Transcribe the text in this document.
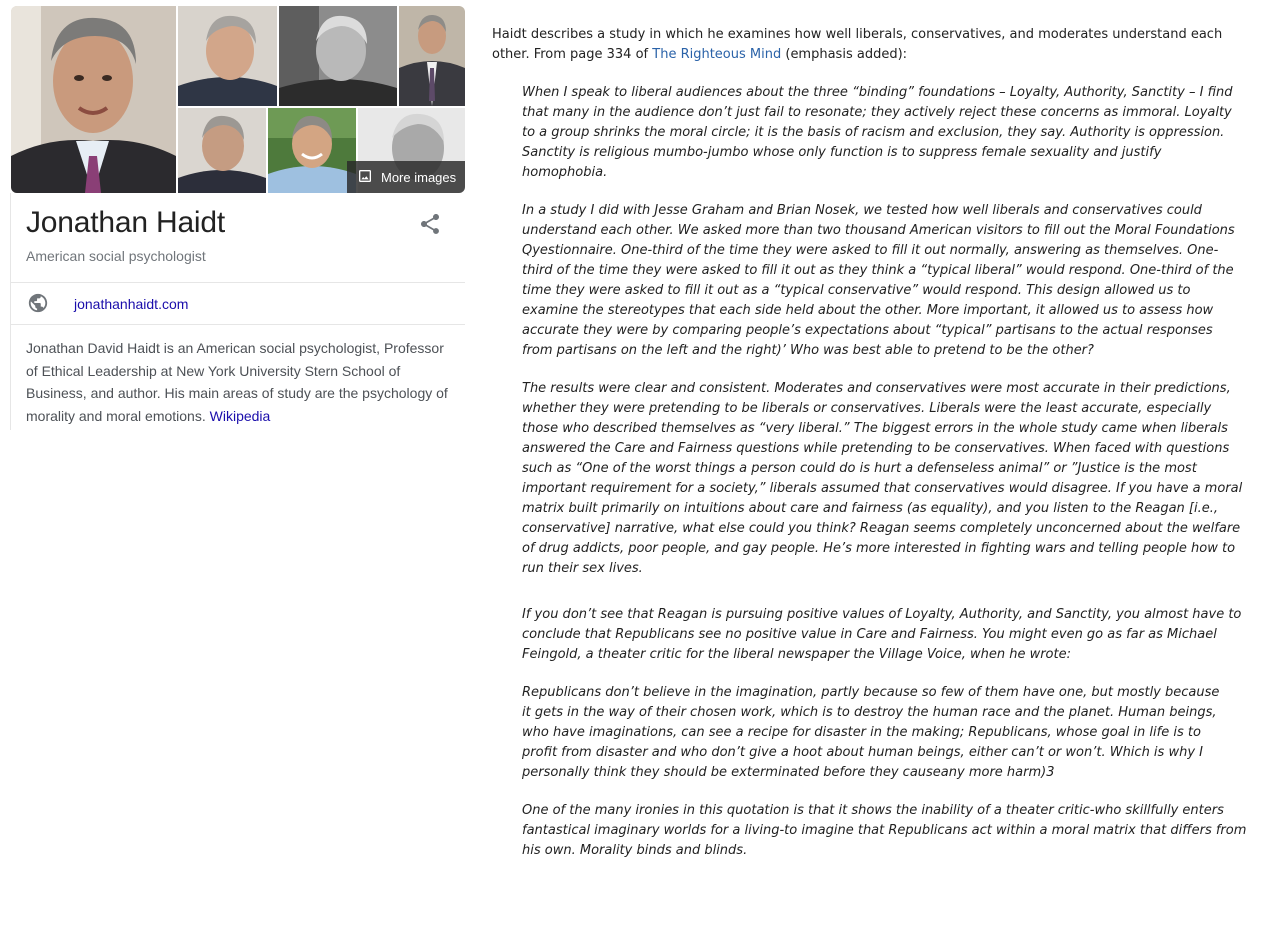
More images
Jonathan Haidt
American social psychologist
jonathanhaidt.com
Jonathan David Haidt is an American social psychologist, Professor of Ethical Leadership at New York University Stern School of Business, and author. His main areas of study are the psychology of morality and moral emotions. Wikipedia

Haidt describes a study in which he examines how well liberals, conservatives, and moderates understand each other. From page 334 of The Righteous Mind (emphasis added):

When I speak to liberal audiences about the three “binding” foundations – Loyalty, Authority, Sanctity – I find that many in the audience don’t just fail to resonate; they actively reject these concerns as immoral. Loyalty to a group shrinks the moral circle; it is the basis of racism and exclusion, they say. Authority is oppression. Sanctity is religious mumbo-jumbo whose only function is to suppress female sexuality and justify homophobia.

In a study I did with Jesse Graham and Brian Nosek, we tested how well liberals and conservatives could understand each other. We asked more than two thousand American visitors to fill out the Moral Foundations Qyestionnaire. One-third of the time they were asked to fill it out normally, answering as themselves. One-third of the time they were asked to fill it out as they think a “typical liberal” would respond. One-third of the time they were asked to fill it out as a “typical conservative” would respond. This design allowed us to examine the stereotypes that each side held about the other. More important, it allowed us to assess how accurate they were by comparing people’s expectations about “typical” partisans to the actual responses from partisans on the left and the right)’ Who was best able to pretend to be the other?

The results were clear and consistent. Moderates and conservatives were most accurate in their predictions, whether they were pretending to be liberals or conservatives. Liberals were the least accurate, especially those who described themselves as “very liberal.” The biggest errors in the whole study came when liberals answered the Care and Fairness questions while pretending to be conservatives. When faced with questions such as “One of the worst things a person could do is hurt a defenseless animal” or ”Justice is the most important requirement for a society,” liberals assumed that conservatives would disagree. If you have a moral matrix built primarily on intuitions about care and fairness (as equality), and you listen to the Reagan [i.e., conservative] narrative, what else could you think? Reagan seems completely unconcerned about the welfare of drug addicts, poor people, and gay people. He’s more interested in fighting wars and telling people how to run their sex lives.

If you don’t see that Reagan is pursuing positive values of Loyalty, Authority, and Sanctity, you almost have to conclude that Republicans see no positive value in Care and Fairness. You might even go as far as Michael Feingold, a theater critic for the liberal newspaper the Village Voice, when he wrote:

Republicans don’t believe in the imagination, partly because so few of them have one, but mostly because it gets in the way of their chosen work, which is to destroy the human race and the planet. Human beings, who have imaginations, can see a recipe for disaster in the making; Republicans, whose goal in life is to profit from disaster and who don’t give a hoot about human beings, either can’t or won’t. Which is why I personally think they should be exterminated before they causeany more harm)3

One of the many ironies in this quotation is that it shows the inability of a theater critic-who skillfully enters fantastical imaginary worlds for a living-to imagine that Republicans act within a moral matrix that differs from his own. Morality binds and blinds.
